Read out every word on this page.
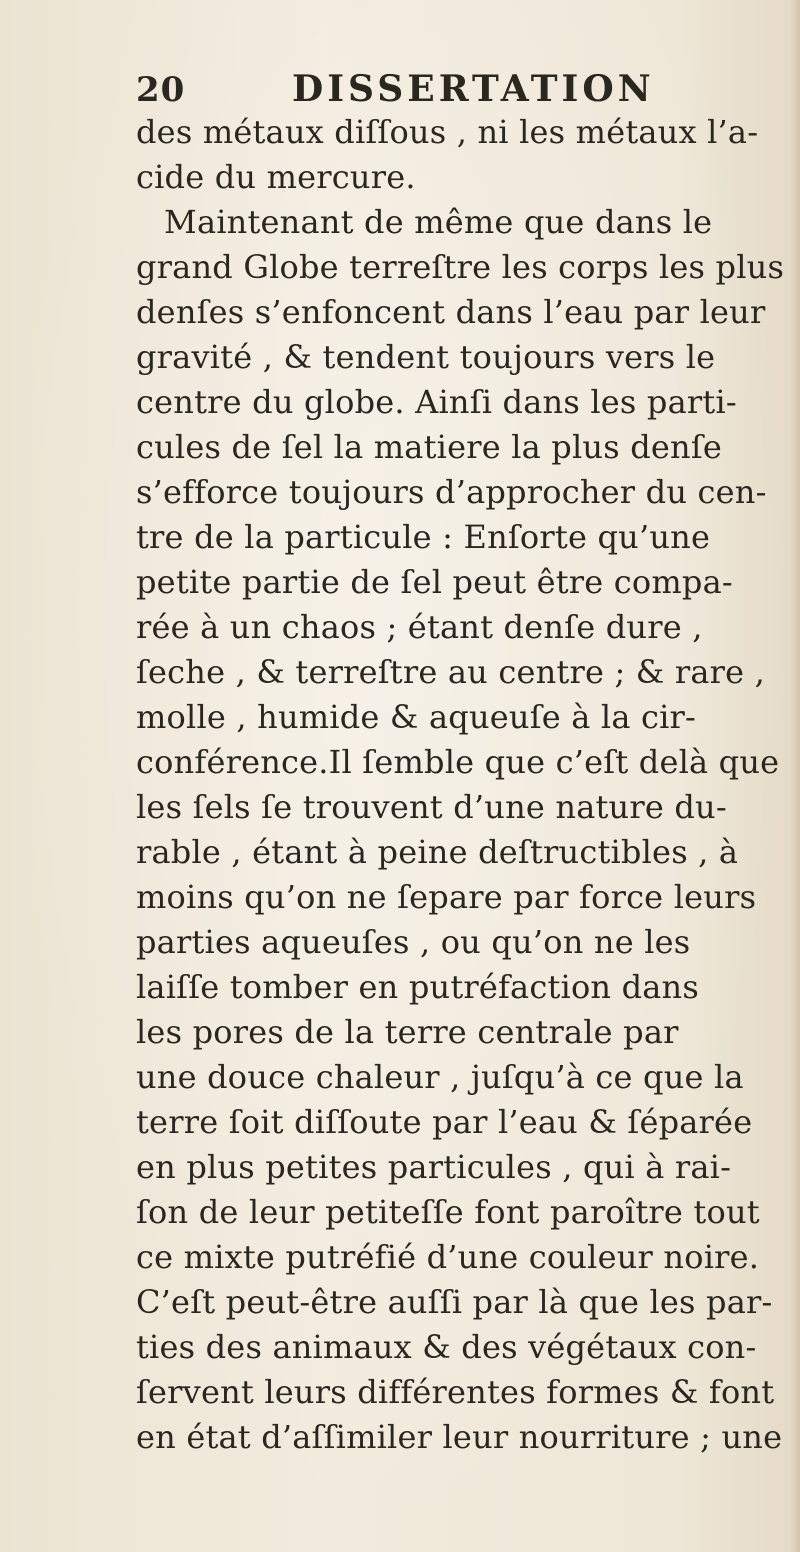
20	DISSERTATION
des métaux diſſous , ni les métaux l’a-
cide du mercure.
Maintenant de même que dans le
grand Globe terreſtre les corps les plus
denſes s’enfoncent dans l’eau par leur
gravité , & tendent toujours vers le
centre du globe. Ainſi dans les parti-
cules de ſel la matiere la plus denſe
s’efforce toujours d’approcher du cen-
tre de la particule : Enſorte qu’une
petite partie de ſel peut être compa-
rée à un chaos ; étant denſe dure ,
ſeche , & terreſtre au centre ; & rare ,
molle , humide & aqueuſe à la cir-
conférence.Il ſemble que c’eſt delà que
les ſels ſe trouvent d’une nature du-
rable , étant à peine deſtructibles , à
moins qu’on ne ſepare par force leurs
parties aqueuſes , ou qu’on ne les
laiſſe tomber en putréfaction dans
les pores de la terre centrale par
une douce chaleur , juſqu’à ce que la
terre ſoit diſſoute par l’eau & ſéparée
en plus petites particules , qui à rai-
ſon de leur petiteſſe font paroître tout
ce mixte putréfié d’une couleur noire.
C’eſt peut-être auſſi par là que les par-
ties des animaux & des végétaux con-
ſervent leurs différentes formes & font
en état d’aſſimiler leur nourriture ; une
